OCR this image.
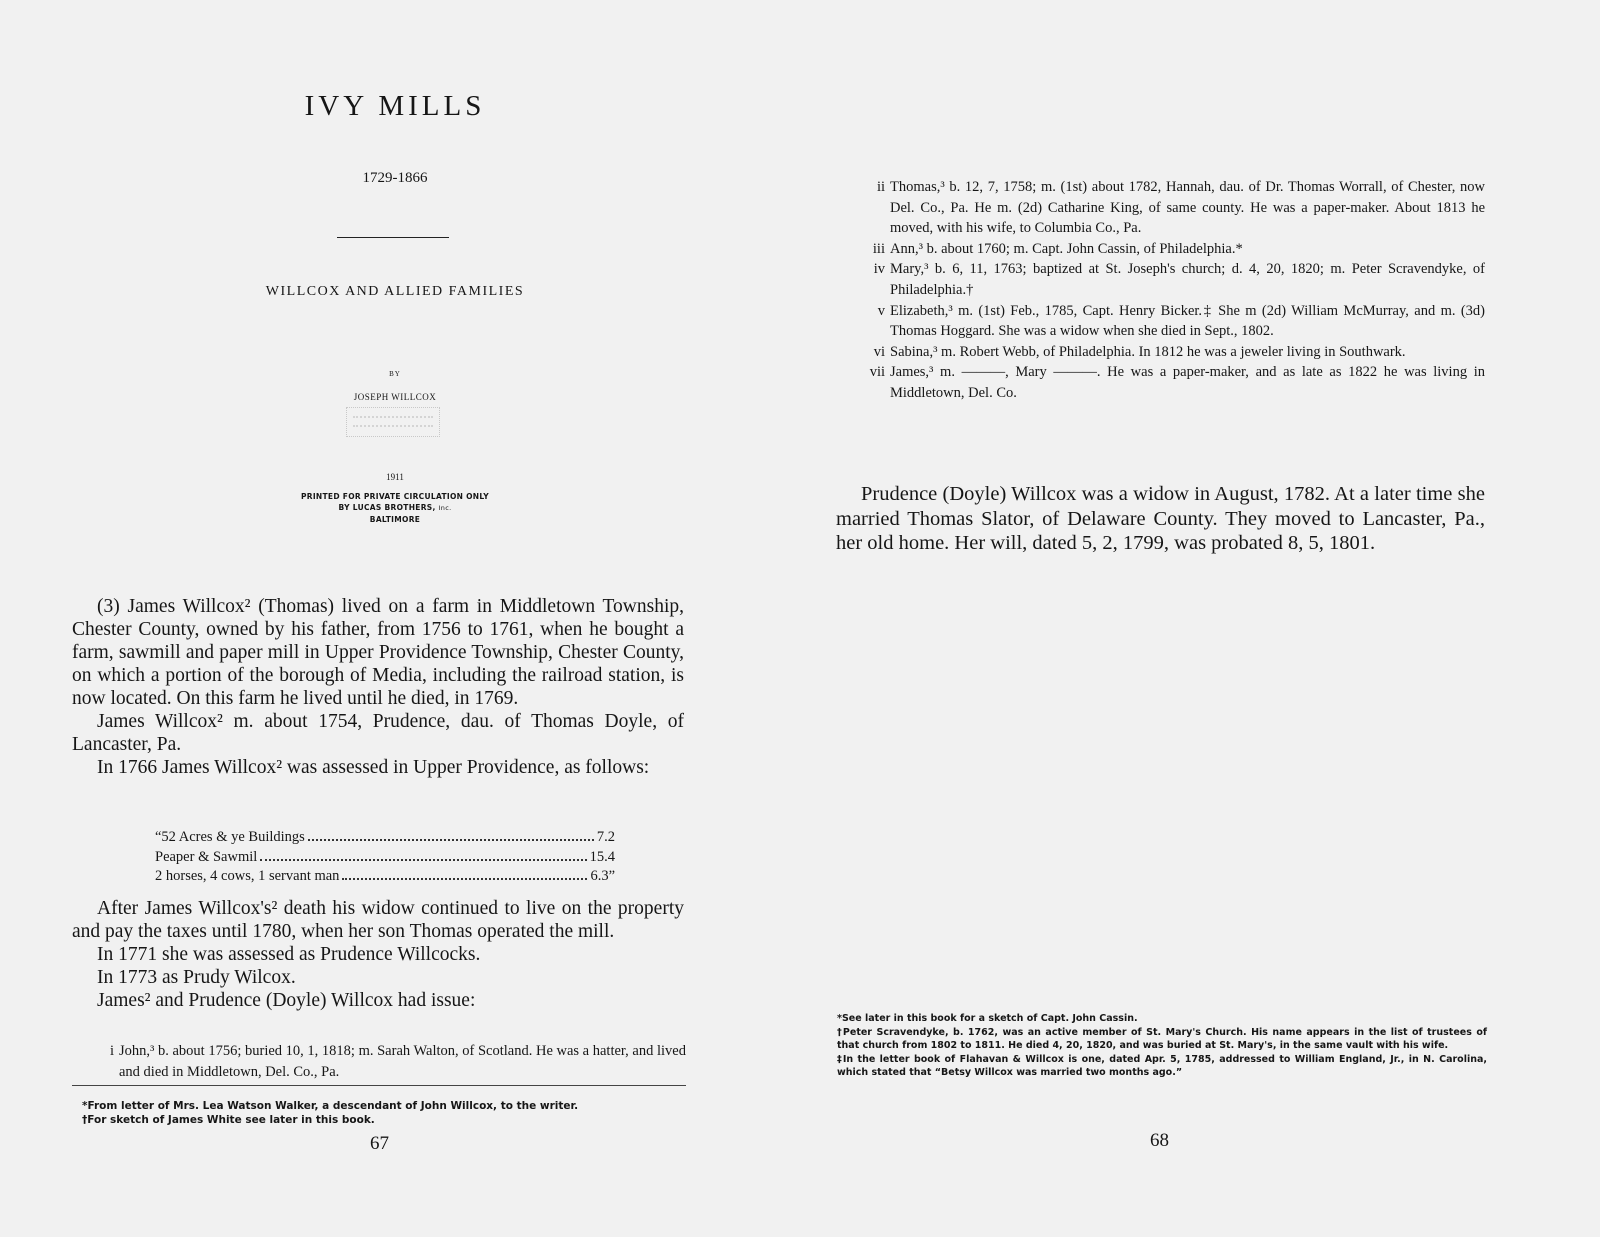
IVY MILLS
1729-1866
WILLCOX AND ALLIED FAMILIES
BY
JOSEPH WILLCOX
1911
PRINTED FOR PRIVATE CIRCULATION ONLY
BY LUCAS BROTHERS, Inc.
BALTIMORE

(3) James Willcox² (Thomas) lived on a farm in Middletown Township, Chester County, owned by his father, from 1756 to 1761, when he bought a farm, sawmill and paper mill in Upper Providence Township, Chester County, on which a portion of the borough of Media, including the railroad station, is now located. On this farm he lived until he died, in 1769.

James Willcox² m. about 1754, Prudence, dau. of Thomas Doyle, of Lancaster, Pa.

In 1766 James Willcox² was assessed in Upper Providence, as follows:

“52 Acres & ye Buildings	7.2
Peaper & Sawmil	15.4
2 horses, 4 cows, 1 servant man	6.3”

After James Willcox's² death his widow continued to live on the property and pay the taxes until 1780, when her son Thomas operated the mill.

In 1771 she was assessed as Prudence Willcocks.

In 1773 as Prudy Wilcox.

James² and Prudence (Doyle) Willcox had issue:

i John,³ b. about 1756; buried 10, 1, 1818; m. Sarah Walton, of Scotland. He was a hatter, and lived and died in Middletown, Del. Co., Pa.

*From letter of Mrs. Lea Watson Walker, a descendant of John Willcox, to the writer.

†For sketch of James White see later in this book.

67
ii Thomas,³ b. 12, 7, 1758; m. (1st) about 1782, Hannah, dau. of Dr. Thomas Worrall, of Chester, now Del. Co., Pa. He m. (2d) Catharine King, of same county. He was a paper-maker. About 1813 he moved, with his wife, to Columbia Co., Pa.
iii Ann,³ b. about 1760; m. Capt. John Cassin, of Philadelphia.*
iv Mary,³ b. 6, 11, 1763; baptized at St. Joseph's church; d. 4, 20, 1820; m. Peter Scravendyke, of Philadelphia.†
v Elizabeth,³ m. (1st) Feb., 1785, Capt. Henry Bicker.‡ She m (2d) William McMurray, and m. (3d) Thomas Hoggard. She was a widow when she died in Sept., 1802.
vi Sabina,³ m. Robert Webb, of Philadelphia. In 1812 he was a jeweler living in Southwark.
vii James,³ m. ———, Mary ———. He was a paper-maker, and as late as 1822 he was living in Middletown, Del. Co.

Prudence (Doyle) Willcox was a widow in August, 1782. At a later time she married Thomas Slator, of Delaware County. They moved to Lancaster, Pa., her old home. Her will, dated 5, 2, 1799, was probated 8, 5, 1801.

*See later in this book for a sketch of Capt. John Cassin.

†Peter Scravendyke, b. 1762, was an active member of St. Mary's Church. His name appears in the list of trustees of that church from 1802 to 1811. He died 4, 20, 1820, and was buried at St. Mary's, in the same vault with his wife.

‡In the letter book of Flahavan & Willcox is one, dated Apr. 5, 1785, addressed to William England, Jr., in N. Carolina, which stated that “Betsy Willcox was married two months ago.”

68
